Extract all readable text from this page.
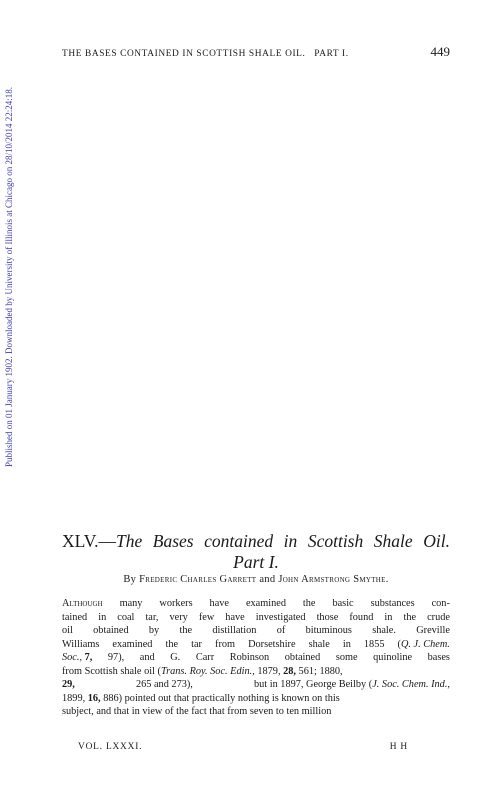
Published on 01 January 1902. Downloaded by University of Illinois at Chicago on 28/10/2014 22:24:18.
THE BASES CONTAINED IN SCOTTISH SHALE OIL.   PART I.	449
XLV.—The Bases contained in Scottish Shale Oil.
Part I.
By Frederic Charles Garrett and John Armstrong Smythe.
Although many workers have examined the basic substances con-
tained in coal tar, very few have investigated those found in the crude
oil obtained by the distillation of bituminous shale. Greville
Williams examined the tar from Dorsetshire shale in 1855 (Q. J. Chem.
Soc., 7, 97), and G. Carr Robinson obtained some quinoline bases
from Scottish shale oil (Trans. Roy. Soc. Edin., 1879, 28, 561; 1880,
29,	265 and 273),	but in 1897, George Beilby (J. Soc. Chem. Ind.,
1899, 16, 886) pointed out that practically nothing is known on this
subject, and that in view of the fact that from seven to ten million
VOL. LXXXI.	H H
